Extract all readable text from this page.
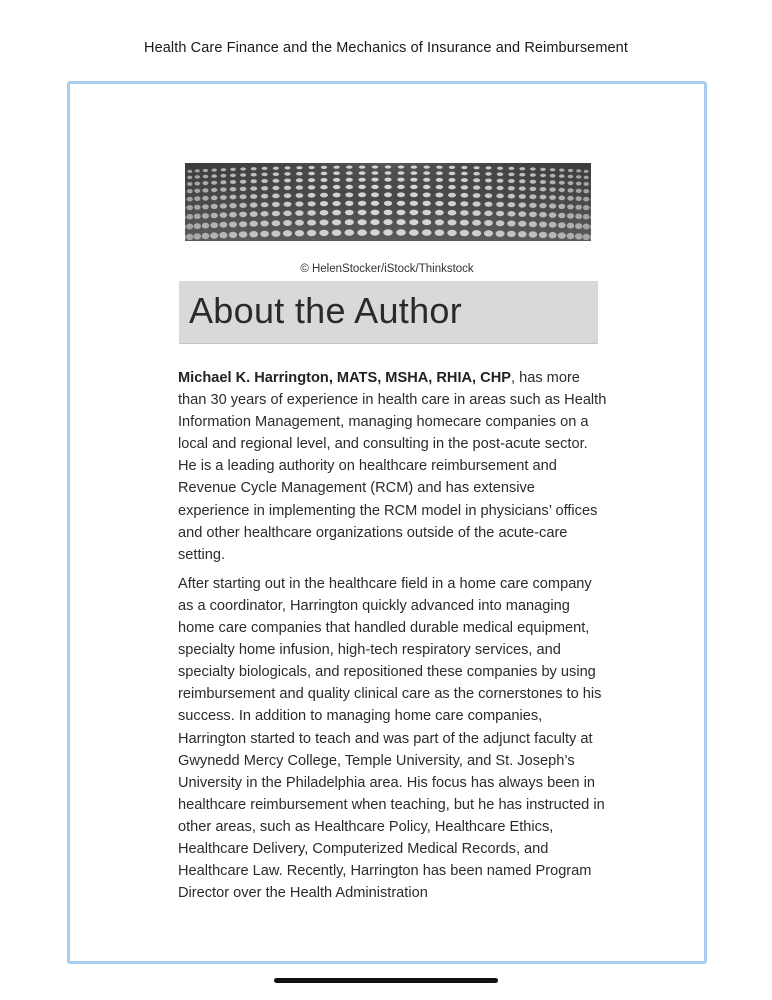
Health Care Finance and the Mechanics of Insurance and Reimbursement
© HelenStocker/iStock/Thinkstock
About the Author

Michael K. Harrington, MATS, MSHA, RHIA, CHP, has more than 30 years of experience in health care in areas such as Health Information Management, managing homecare companies on a local and regional level, and consulting in the post-acute sector. He is a leading authority on healthcare reimbursement and Revenue Cycle Management (RCM) and has extensive experience in implementing the RCM model in physicians’ offices and other healthcare organizations outside of the acute-care setting.

After starting out in the healthcare field in a home care company as a coordinator, Harrington quickly advanced into managing home care companies that handled durable medical equipment, specialty home infusion, high-tech respiratory services, and specialty biologicals, and repositioned these companies by using reimbursement and quality clinical care as the cornerstones to his success. In addition to managing home care companies, Harrington started to teach and was part of the adjunct faculty at Gwynedd Mercy College, Temple University, and St. Joseph’s University in the Philadelphia area. His focus has always been in healthcare reimbursement when teaching, but he has instructed in other areas, such as Healthcare Policy, Healthcare Ethics, Healthcare Delivery, Computerized Medical Records, and Healthcare Law. Recently, Harrington has been named Program Director over the Health Administration
